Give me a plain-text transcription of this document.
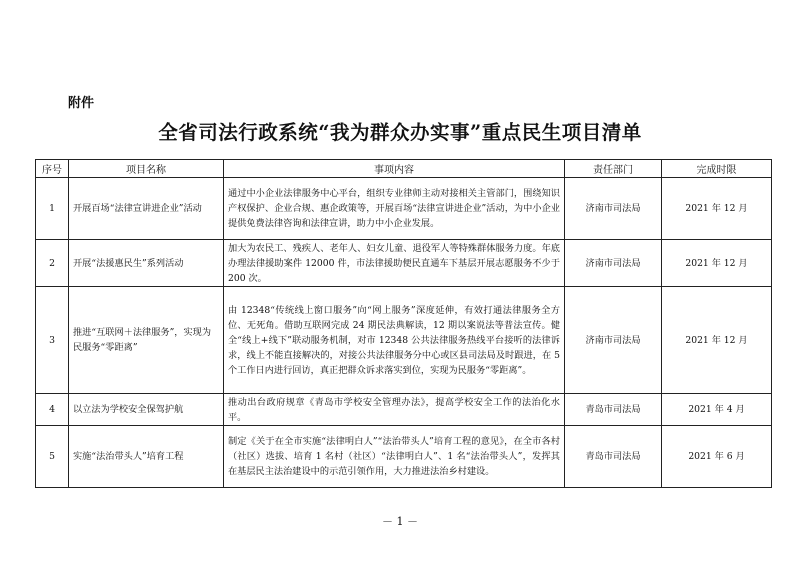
附件
全省司法行政系统“我为群众办实事”重点民生项目清单
序号	项目名称	事项内容	责任部门	完成时限
1	开展百场“法律宣讲进企业”活动	通过中小企业法律服务中心平台，组织专业律师主动对接相关主管部门，围绕知识产权保护、企业合规、惠企政策等，开展百场“法律宣讲进企业”活动，为中小企业提供免费法律咨询和法律宣讲，助力中小企业发展。	济南市司法局	2021 年 12 月
2	开展“法援惠民生”系列活动	加大为农民工、残疾人、老年人、妇女儿童、退役军人等特殊群体服务力度。年底办理法律援助案件 12000 件，市法律援助便民直通车下基层开展志愿服务不少于 200 次。	济南市司法局	2021 年 12 月
3	推进“互联网＋法律服务”，实现为民服务“零距离”	由 12348“传统线上窗口服务”向“网上服务”深度延伸，有效打通法律服务全方位、无死角。借助互联网完成 24 期民法典解读，12 期以案说法等普法宣传。健全“线上+线下”联动服务机制，对市 12348 公共法律服务热线平台接听的法律诉求，线上不能直接解决的，对接公共法律服务分中心或区县司法局及时跟进，在 5 个工作日内进行回访，真正把群众诉求落实到位，实现为民服务“零距离”。	济南市司法局	2021 年 12 月
4	以立法为学校安全保驾护航	推动出台政府规章《青岛市学校安全管理办法》，提高学校安全工作的法治化水平。	青岛市司法局	2021 年 4 月
5	实施“法治带头人”培育工程	制定《关于在全市实施“法律明白人”“法治带头人”培育工程的意见》，在全市各村（社区）选拔、培育 1 名村（社区）“法律明白人”、1 名“法治带头人”，发挥其在基层民主法治建设中的示范引领作用，大力推进法治乡村建设。	青岛市司法局	2021 年 6 月
－ 1 －
